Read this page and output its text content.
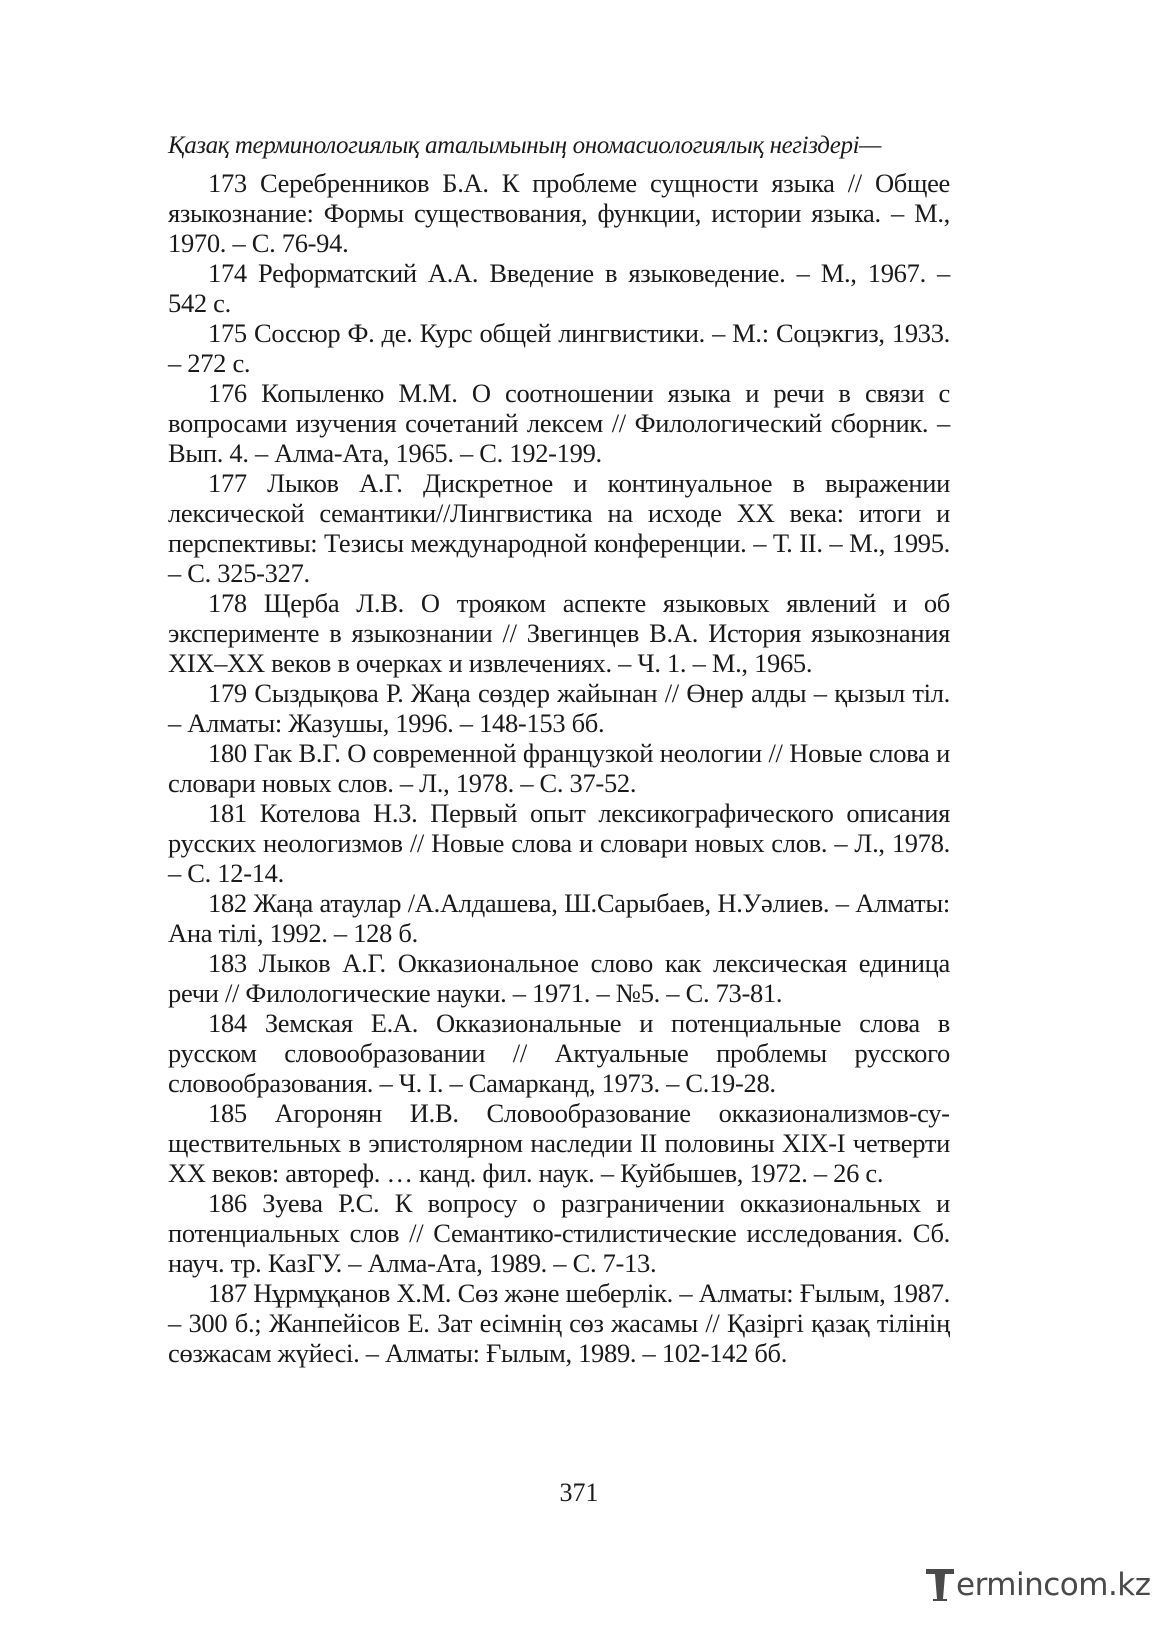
Қазақ терминологиялық аталымының ономасиологиялық негіздері—

173 Серебренников Б.А. К проблеме сущности языка // Общее языкознание: Формы существования, функции, истории языка. – М., 1970. – С. 76-94.

174 Реформатский А.А. Введение в языковедение. – М., 1967. – 542 с.

175 Соссюр Ф. де. Курс общей лингвистики. – М.: Соцэкгиз, 1933. – 272 с.

176 Копыленко М.М. О соотношении языка и речи в связи с вопросами изучения сочетаний лексем // Филологический сборник. – Вып. 4. – Алма-Ата, 1965. – С. 192-199.

177 Лыков А.Г. Дискретное и континуальное в выражении лексической семантики//Лингвистика на исходе XX века: итоги и перспективы: Тезисы международной конференции. – Т. II. – М., 1995. – С. 325-327.

178 Щерба Л.В. О трояком аспекте языковых явлений и об эксперименте в языкознании // Звегинцев В.А. История языкознания XIX–XX веков в очерках и извлечениях. – Ч. 1. – М., 1965.

179 Сыздықова Р. Жаңа сөздер жайынан // Өнер алды – қызыл тіл. – Алматы: Жазушы, 1996. – 148-153 бб.

180 Гак В.Г. О современной французкой неологии // Новые слова и словари новых слов. – Л., 1978. – С. 37-52.

181 Котелова Н.З. Первый опыт лексикографического описания русских неологизмов // Новые слова и словари новых слов. – Л., 1978. – С. 12-14.

182 Жаңа атаулар /А.Алдашева, Ш.Сарыбаев, Н.Уәлиев. – Алматы: Ана тілі, 1992. – 128 б.

183 Лыков А.Г. Окказиональное слово как лексическая единица речи // Филологические науки. – 1971. – №5. – С. 73-81.

184 Земская Е.А. Окказиональные и потенциальные слова в русском словообразовании // Актуальные проблемы русского словообразования. – Ч. I. – Самарканд, 1973. – С.19-28.

185 Агоронян И.В. Словообразование окказионализмов-существительных в эпистолярном наследии II половины XIX-I четверти XX веков: автореф. … канд. фил. наук. – Куйбышев, 1972. – 26 с.

186 Зуева Р.С. К вопросу о разграничении окказиональных и потенциальных слов // Семантико-стилистические исследования. Сб. науч. тр. КазГУ. – Алма-Ата, 1989. – С. 7-13.

187 Нұрмұқанов Х.М. Сөз және шеберлік. – Алматы: Ғылым, 1987. – 300 б.; Жанпейісов Е. Зат есімнің сөз жасамы // Қазіргі қазақ тілінің сөзжасам жүйесі. – Алматы: Ғылым, 1989. – 102-142 бб.

371
ermincom.kz
